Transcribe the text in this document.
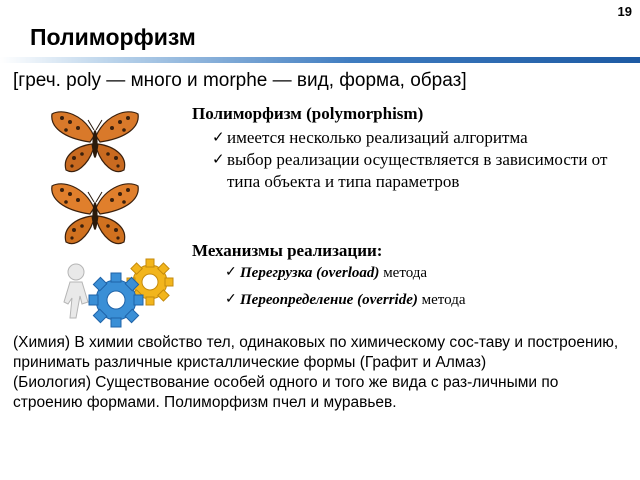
19
Полиморфизм
[греч. poly — много и morphe — вид, форма, образ]
Полиморфизм (polymorphism)
✓ имеется несколько реализаций алгоритма
✓ выбор реализации осуществляется в зависимости от типа объекта и типа параметров
Механизмы реализации:
✓ Перегрузка (overload) метода
✓ Переопределение (override) метода

(Химия) В химии свойство тел, одинаковых по химическому сос-таву и построению, принимать различные кристаллические формы (Графит и Алмаз)

(Биология) Существование особей одного и того же вида с раз-личными по строению формами. Полиморфизм пчел и муравьев.
